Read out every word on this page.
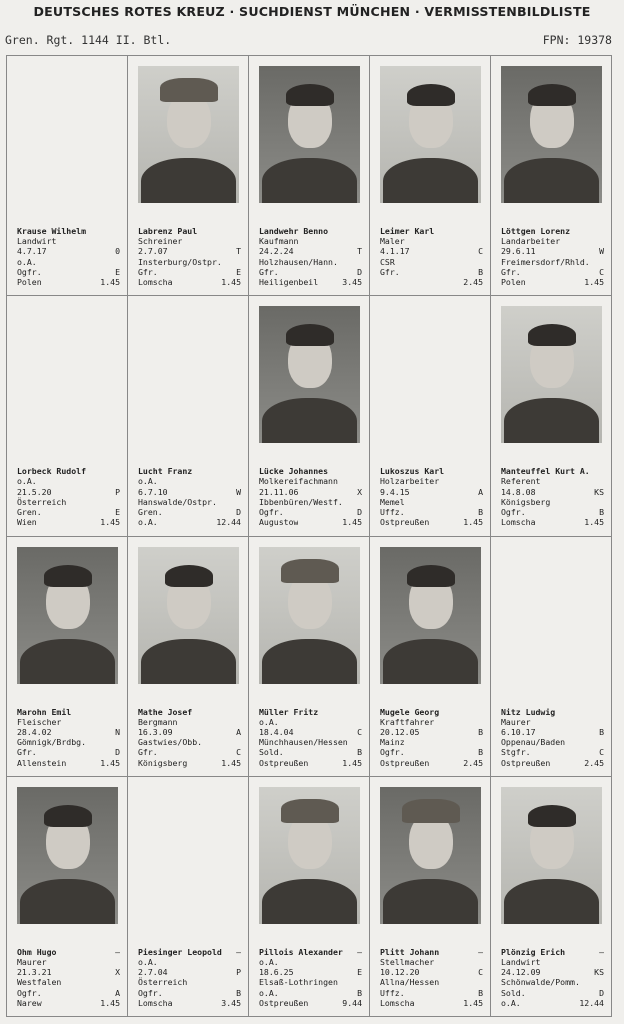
DEUTSCHES ROTES KREUZ · SUCHDIENST MÜNCHEN · VERMISSTENBILDLISTE
Gren. Rgt. 1144 II. Btl.	FPN: 19378
Krause Wilhelm
Landwirt
4.7.17	0
o.A.
Ogfr.	E
Polen	1.45
Labrenz Paul
Schreiner
2.7.07	T
Insterburg/Ostpr.
Gfr.	E
Lomscha	1.45
Landwehr Benno
Kaufmann
24.2.24	T
Holzhausen/Hann.
Gfr.	D
Heiligenbeil	3.45
Leimer Karl
Maler
4.1.17	C
CSR
Gfr.	B
2.45
Löttgen Lorenz
Landarbeiter
29.6.11	W
Freimersdorf/Rhld.
Gfr.	C
Polen	1.45
Lorbeck Rudolf
o.A.
21.5.20	P
Österreich
Gren.	E
Wien	1.45
Lucht Franz
o.A.
6.7.10	W
Hanswalde/Ostpr.
Gren.	D
o.A.	12.44
Lücke Johannes
Molkereifachmann
21.11.06	X
Ibbenbüren/Westf.
Ogfr.	D
Augustow	1.45
Lukoszus Karl
Holzarbeiter
9.4.15	A
Memel
Uffz.	B
Ostpreußen	1.45
Manteuffel Kurt A.
Referent
14.8.08	KS
Königsberg
Ogfr.	B
Lomscha	1.45
Marohn Emil
Fleischer
28.4.02	N
Gömnigk/Brdbg.
Gfr.	D
Allenstein	1.45
Mathe Josef
Bergmann
16.3.09	A
Gastwies/Obb.
Gfr.	C
Königsberg	1.45
Müller Fritz
o.A.
18.4.04	C
Münchhausen/Hessen
Sold.	B
Ostpreußen	1.45
Mugele Georg
Kraftfahrer
20.12.05	B
Mainz
Ogfr.	B
Ostpreußen	2.45
Nitz Ludwig
Maurer
6.10.17	B
Oppenau/Baden
Stgfr.	C
Ostpreußen	2.45
Ohm Hugo	–
Maurer
21.3.21	X
Westfalen
Ogfr.	A
Narew	1.45
Piesinger Leopold –
o.A.
2.7.04	P
Österreich
Ogfr.	B
Lomscha	3.45
Pillois Alexander –
o.A.
18.6.25	E
Elsaß-Lothringen
o.A.	B
Ostpreußen	9.44
Plitt Johann	–
Stellmacher
10.12.20	C
Allna/Hessen
Uffz.	B
Lomscha	1.45
Plönzig Erich	–
Landwirt
24.12.09	KS
Schönwalde/Pomm.
Sold.	D
o.A.	12.44
